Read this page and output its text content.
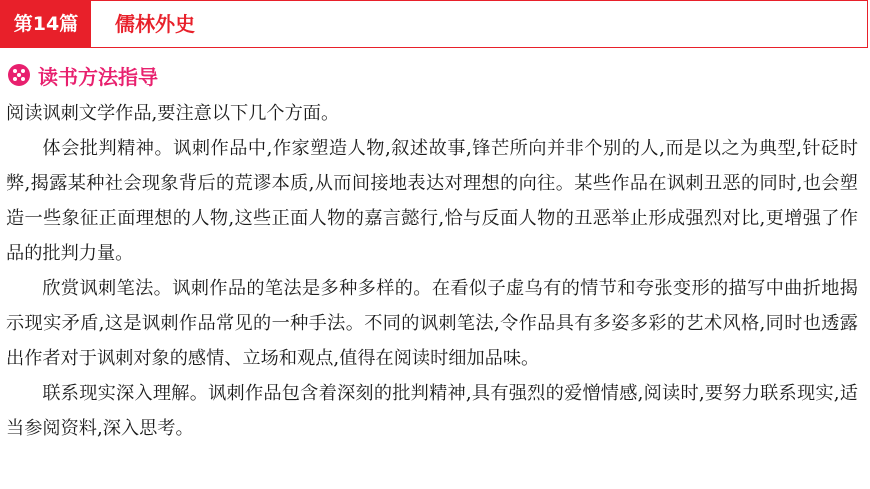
第14篇	儒林外史
读书方法指导

阅读讽刺文学作品,要注意以下几个方面。

体会批判精神。讽刺作品中,作家塑造人物,叙述故事,锋芒所向并非个别的人,而是以之为典型,针砭时弊,揭露某种社会现象背后的荒谬本质,从而间接地表达对理想的向往。某些作品在讽刺丑恶的同时,也会塑造一些象征正面理想的人物,这些正面人物的嘉言懿行,恰与反面人物的丑恶举止形成强烈对比,更增强了作品的批判力量。

欣赏讽刺笔法。讽刺作品的笔法是多种多样的。在看似子虚乌有的情节和夸张变形的描写中曲折地揭示现实矛盾,这是讽刺作品常见的一种手法。不同的讽刺笔法,令作品具有多姿多彩的艺术风格,同时也透露出作者对于讽刺对象的感情、立场和观点,值得在阅读时细加品味。

联系现实深入理解。讽刺作品包含着深刻的批判精神,具有强烈的爱憎情感,阅读时,要努力联系现实,适当参阅资料,深入思考。
